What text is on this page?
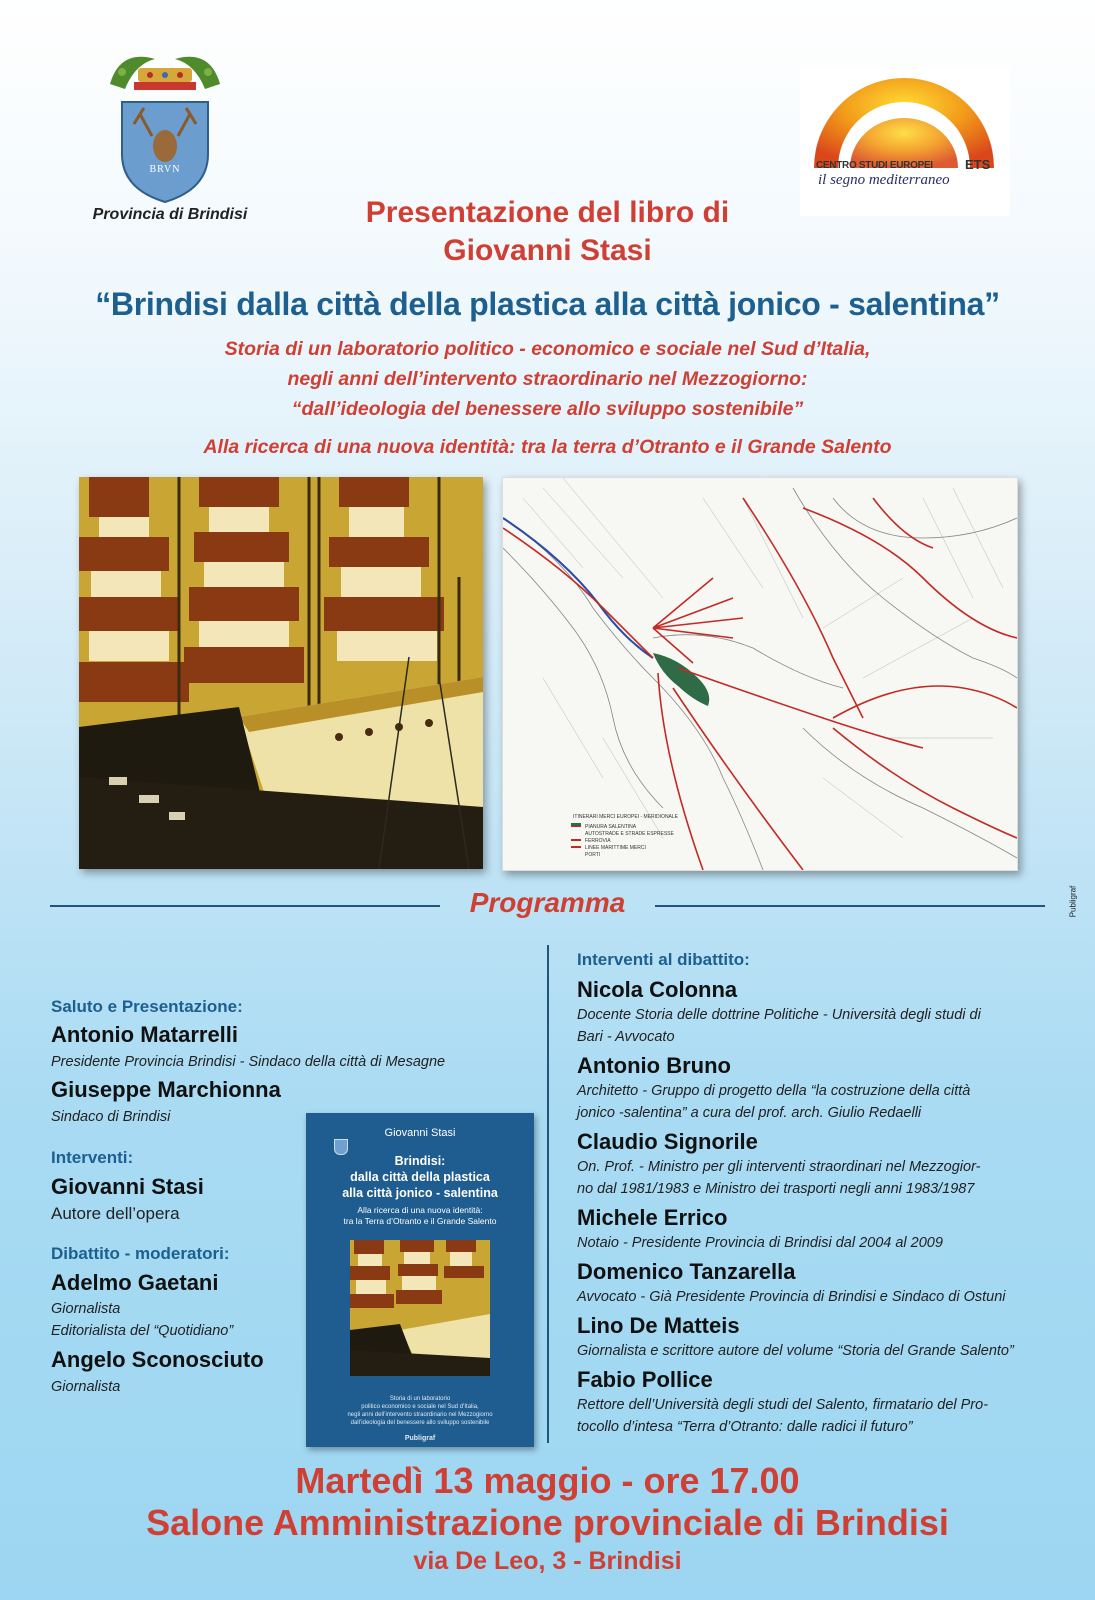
BRVN
Provincia di Brindisi
CENTRO STUDI EUROPEI ETS
il segno mediterraneo
Presentazione del libro di
Giovanni Stasi
“Brindisi dalla città della plastica alla città jonico - salentina”
Storia di un laboratorio politico - economico e sociale nel Sud d’Italia,
negli anni dell’intervento straordinario nel Mezzogiorno:
“dall’ideologia del benessere allo sviluppo sostenibile”
Alla ricerca di una nuova identità: tra la terra d’Otranto e il Grande Salento
ITINERARI MERCI EUROPEI - MERIDIONALE
PIANURA SALENTINA
AUTOSTRADE E STRADE ESPRESSE
FERROVIA
LINEE MARITTIME MERCI
PORTI
Programma	Publigraf
Saluto e Presentazione:
Antonio Matarrelli
Presidente Provincia Brindisi - Sindaco della città di Mesagne
Giuseppe Marchionna
Sindaco di Brindisi
Interventi:
Giovanni Stasi
Autore dell’opera
Dibattito - moderatori:
Adelmo Gaetani
Giornalista
Editorialista del “Quotidiano”
Angelo Sconosciuto
Giornalista
Giovanni Stasi
Brindisi:
dalla città della plastica
alla città jonico - salentina
Alla ricerca di una nuova identità:
tra la Terra d’Otranto e il Grande Salento
Storia di un laboratorio
politico economico e sociale nel Sud d’Italia,
negli anni dell’intervento straordinario nel Mezzogiorno
dall’ideologia del benessere allo sviluppo sostenibile
Publigraf
Interventi al dibattito:
Nicola Colonna
Docente Storia delle dottrine Politiche - Università degli studi di
Bari - Avvocato
Antonio Bruno
Architetto - Gruppo di progetto della “la costruzione della città
jonico -salentina” a cura del prof. arch. Giulio Redaelli
Claudio Signorile
On. Prof. - Ministro per gli interventi straordinari nel Mezzogior-
no dal 1981/1983 e Ministro dei trasporti negli anni 1983/1987
Michele Errico
Notaio - Presidente Provincia di Brindisi dal 2004 al 2009
Domenico Tanzarella
Avvocato - Già Presidente Provincia di Brindisi e Sindaco di Ostuni
Lino De Matteis
Giornalista e scrittore autore del volume “Storia del Grande Salento”
Fabio Pollice
Rettore dell’Università degli studi del Salento, firmatario del Pro-
tocollo d’intesa “Terra d’Otranto: dalle radici il futuro”
Martedì 13 maggio - ore 17.00
Salone Amministrazione provinciale di Brindisi
via De Leo, 3 - Brindisi
